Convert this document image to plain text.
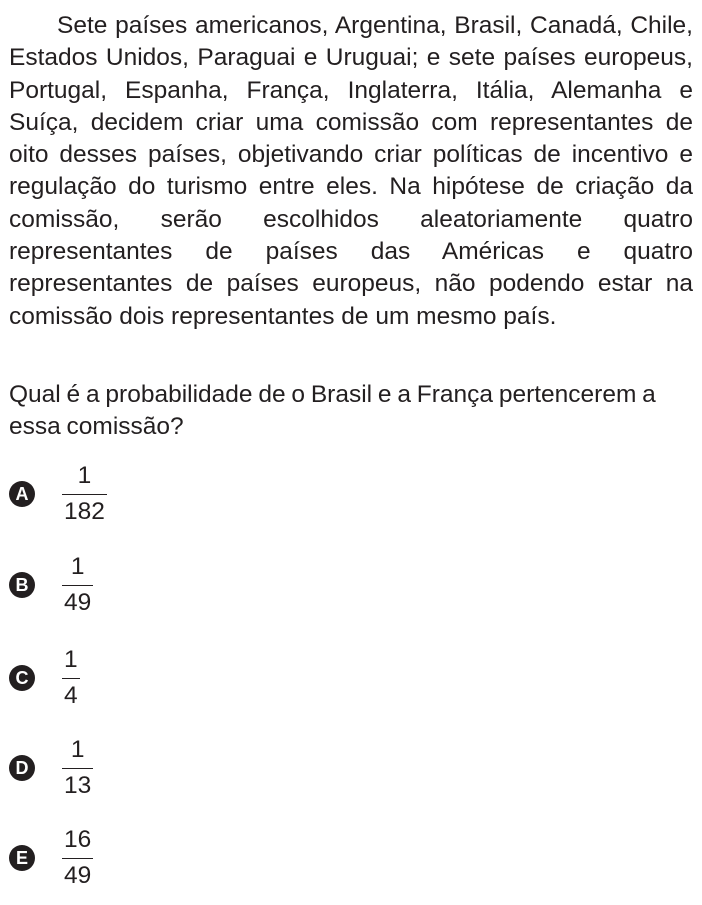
Sete países americanos, Argentina, Brasil, Canadá, Chile, Estados Unidos, Paraguai e Uruguai; e sete países europeus, Portugal, Espanha, França, Inglaterra, Itália, Alemanha e Suíça, decidem criar uma comissão com representantes de oito desses países, objetivando criar políticas de incentivo e regulação do turismo entre eles. Na hipótese de criação da comissão, serão escolhidos aleatoriamente quatro representantes de países das Américas e quatro representantes de países europeus, não podendo estar na comissão dois representantes de um mesmo país.

Qual é a probabilidade de o Brasil e a França pertencerem a essa comissão?

A
1
182
B
1
49
C
1
4
D
1
13
E
16
49
